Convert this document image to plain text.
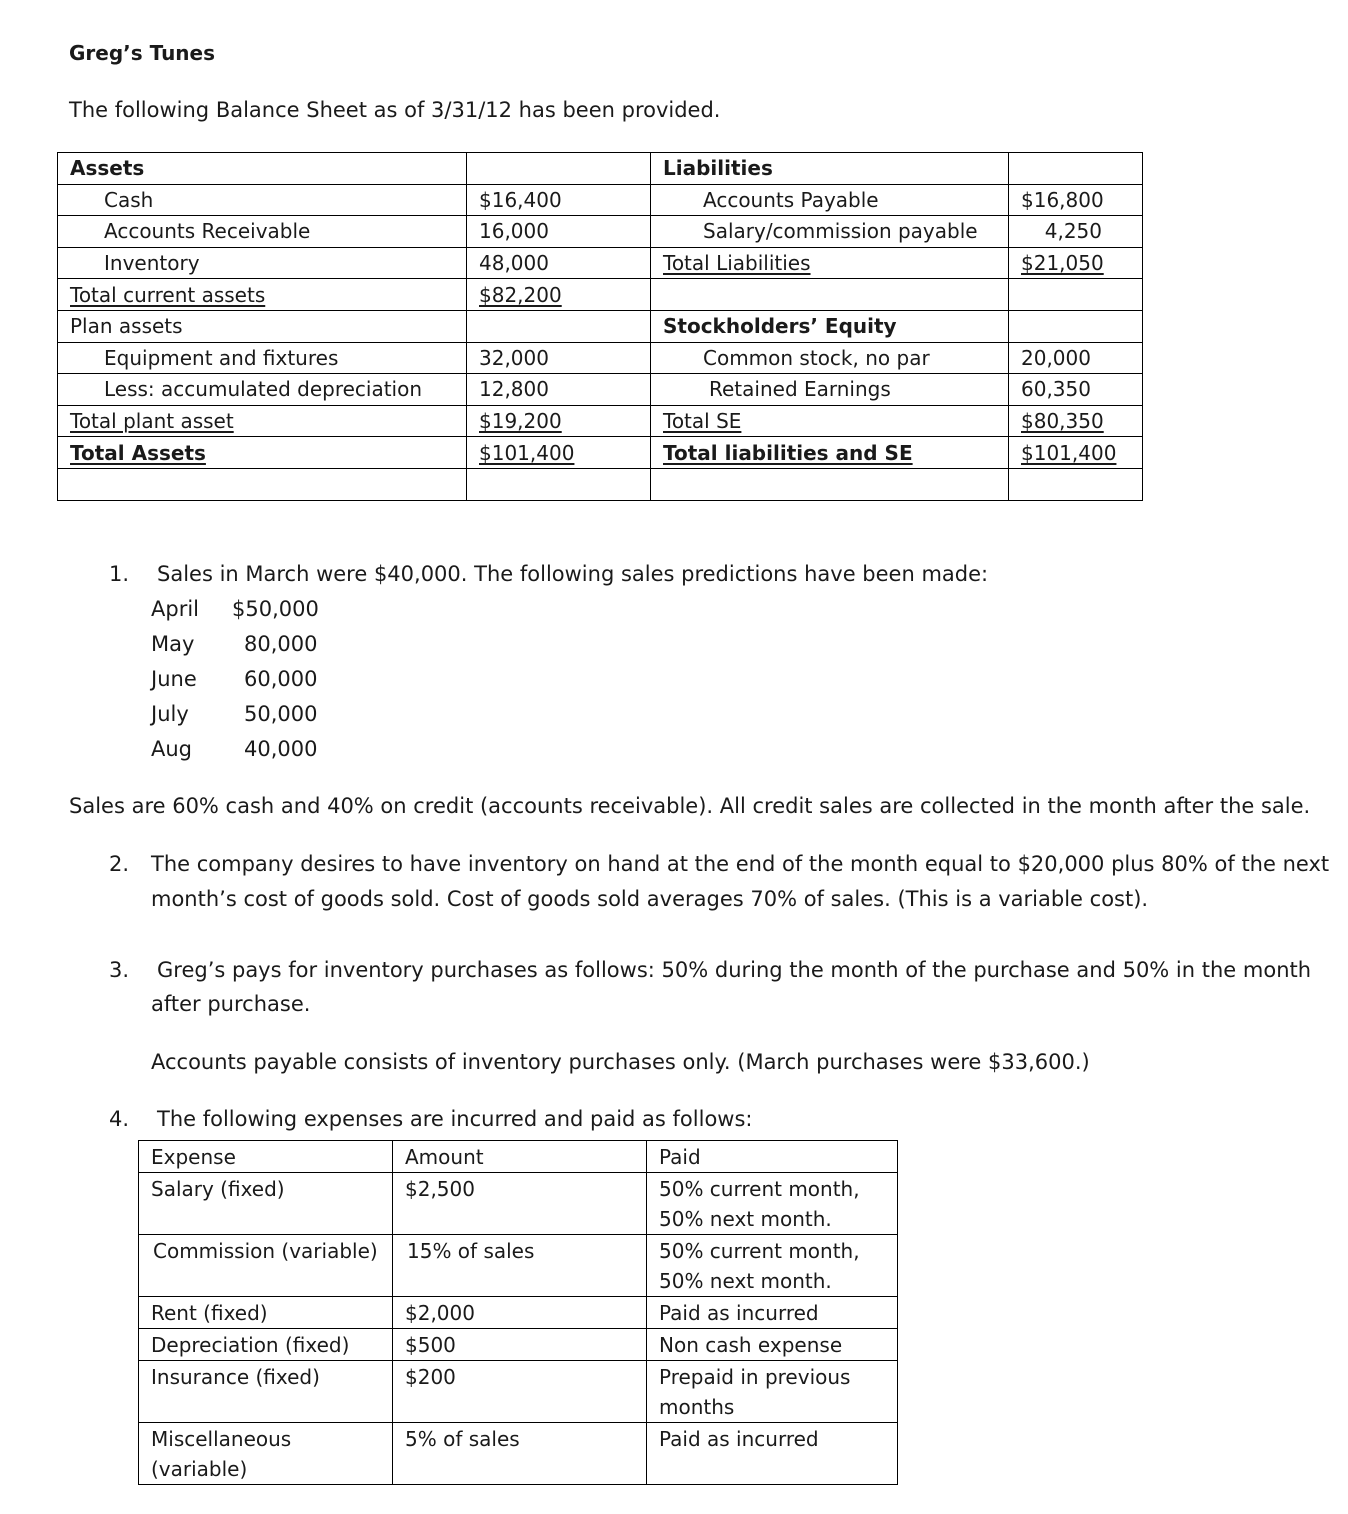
Greg’s Tunes
The following Balance Sheet as of 3/31/12 has been provided.
Assets		Liabilities	
Cash	$16,400	Accounts Payable	$16,800
Accounts Receivable	16,000	Salary/commission payable	4,250
Inventory	48,000	Total Liabilities	$21,050
Total current assets	$82,200		
Plan assets		Stockholders’ Equity	
Equipment and fixtures	32,000	Common stock, no par	20,000
Less: accumulated depreciation	12,800	Retained Earnings	60,350
Total plant asset	$19,200	Total SE	$80,350
Total Assets	$101,400	Total liabilities and SE	$101,400

1. Sales in March were $40,000. The following sales predictions have been made:
April $50,000
May 80,000
June 60,000
July	50,000
Aug 40,000
Sales are 60% cash and 40% on credit (accounts receivable). All credit sales are collected in the month after the sale.
2. The company desires to have inventory on hand at the end of the month equal to $20,000 plus 80% of the next
month’s cost of goods sold. Cost of goods sold averages 70% of sales. (This is a variable cost).
3. Greg’s pays for inventory purchases as follows: 50% during the month of the purchase and 50% in the month
after purchase.
Accounts payable consists of inventory purchases only. (March purchases were $33,600.)
4. The following expenses are incurred and paid as follows:
Expense	Amount	Paid
Salary (fixed)	$2,500	50% current month,
50% next month.

Commission (variable)	15% of sales	50% current month,
50% next month.

Rent (fixed)	$2,000	Paid as incurred
Depreciation (fixed)	$500	Non cash expense
Insurance (fixed)	$200	Prepaid in previous
months

Miscellaneous
(variable)	5% of sales	Paid as incurred
